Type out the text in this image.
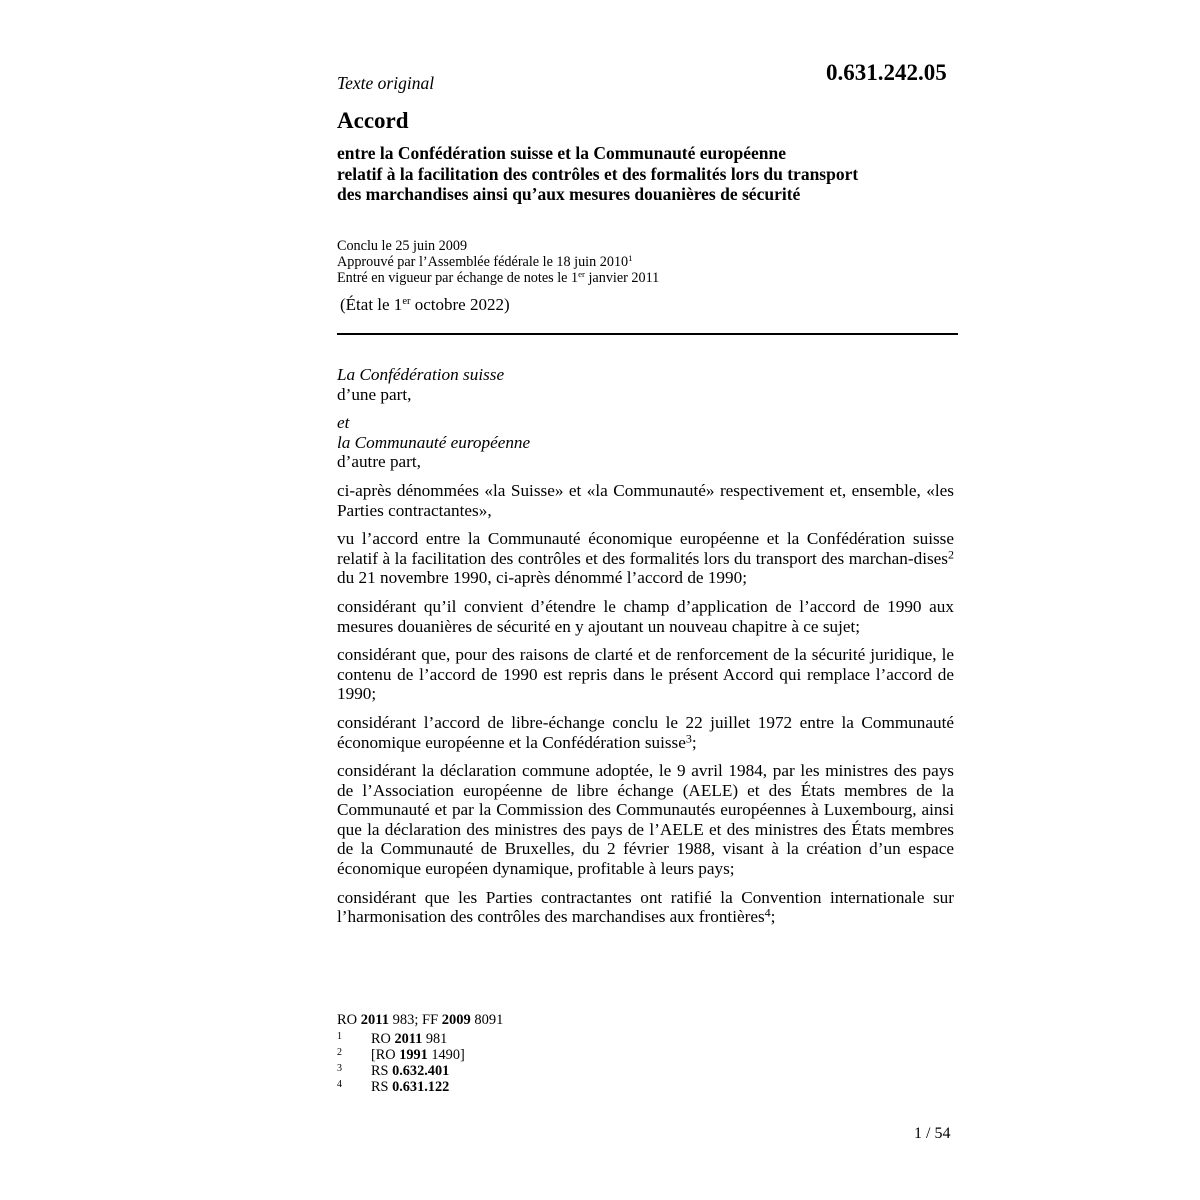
Texte original	0.631.242.05
Accord
entre la Confédération suisse et la Communauté européenne
relatif à la facilitation des contrôles et des formalités lors du transport
des marchandises ainsi qu’aux mesures douanières de sécurité
Conclu le 25 juin 2009
Approuvé par l’Assemblée fédérale le 18 juin 2010$^1$
Entré en vigueur par échange de notes le 1er janvier 2011
(État le 1er octobre 2022)

La Confédération suisse

d’une part,

et

la Communauté européenne

d’autre part,

ci-après dénommées «la Suisse» et «la Communauté» respectivement et, ensemble, «les Parties contractantes»,

vu l’accord entre la Communauté économique européenne et la Confédération suisse relatif à la facilitation des contrôles et des formalités lors du transport des marchan-dises$^2$ du 21 novembre 1990, ci-après dénommé l’accord de 1990;

considérant qu’il convient d’étendre le champ d’application de l’accord de 1990 aux mesures douanières de sécurité en y ajoutant un nouveau chapitre à ce sujet;

considérant que, pour des raisons de clarté et de renforcement de la sécurité juridique, le contenu de l’accord de 1990 est repris dans le présent Accord qui remplace l’accord de 1990;

considérant l’accord de libre-échange conclu le 22 juillet 1972 entre la Communauté économique européenne et la Confédération suisse$^3$;

considérant la déclaration commune adoptée, le 9 avril 1984, par les ministres des pays de l’Association européenne de libre échange (AELE) et des États membres de la Communauté et par la Commission des Communautés européennes à Luxembourg, ainsi que la déclaration des ministres des pays de l’AELE et des ministres des États membres de la Communauté de Bruxelles, du 2 février 1988, visant à la création d’un espace économique européen dynamique, profitable à leurs pays;

considérant que les Parties contractantes ont ratifié la Convention internationale sur l’harmonisation des contrôles des marchandises aux frontières$^4$;

RO 2011 983; FF 2009 8091
1	RO 2011 981
2	[RO 1991 1490]
3	RS 0.632.401
4	RS 0.631.122
1 / 54
